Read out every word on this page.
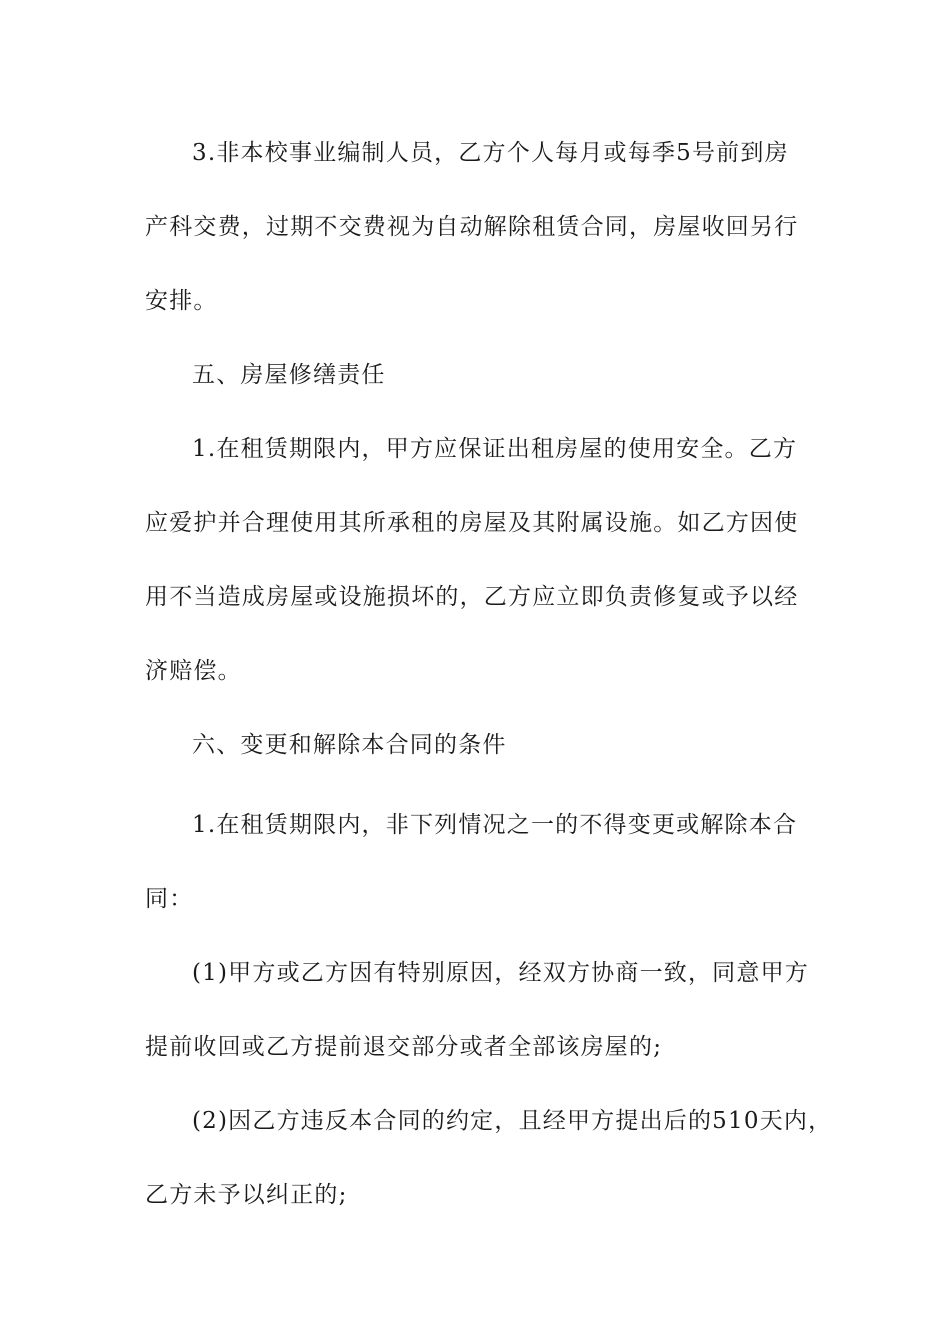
3.非本校事业编制人员，乙方个人每月或每季5号前到房
产科交费，过期不交费视为自动解除租赁合同，房屋收回另行
安排。
五、房屋修缮责任
1.在租赁期限内，甲方应保证出租房屋的使用安全。乙方
应爱护并合理使用其所承租的房屋及其附属设施。如乙方因使
用不当造成房屋或设施损坏的，乙方应立即负责修复或予以经
济赔偿。
六、变更和解除本合同的条件
1.在租赁期限内，非下列情况之一的不得变更或解除本合
同：
(1)甲方或乙方因有特别原因，经双方协商一致，同意甲方
提前收回或乙方提前退交部分或者全部该房屋的;
(2)因乙方违反本合同的约定，且经甲方提出后的510天内，
乙方未予以纠正的;
